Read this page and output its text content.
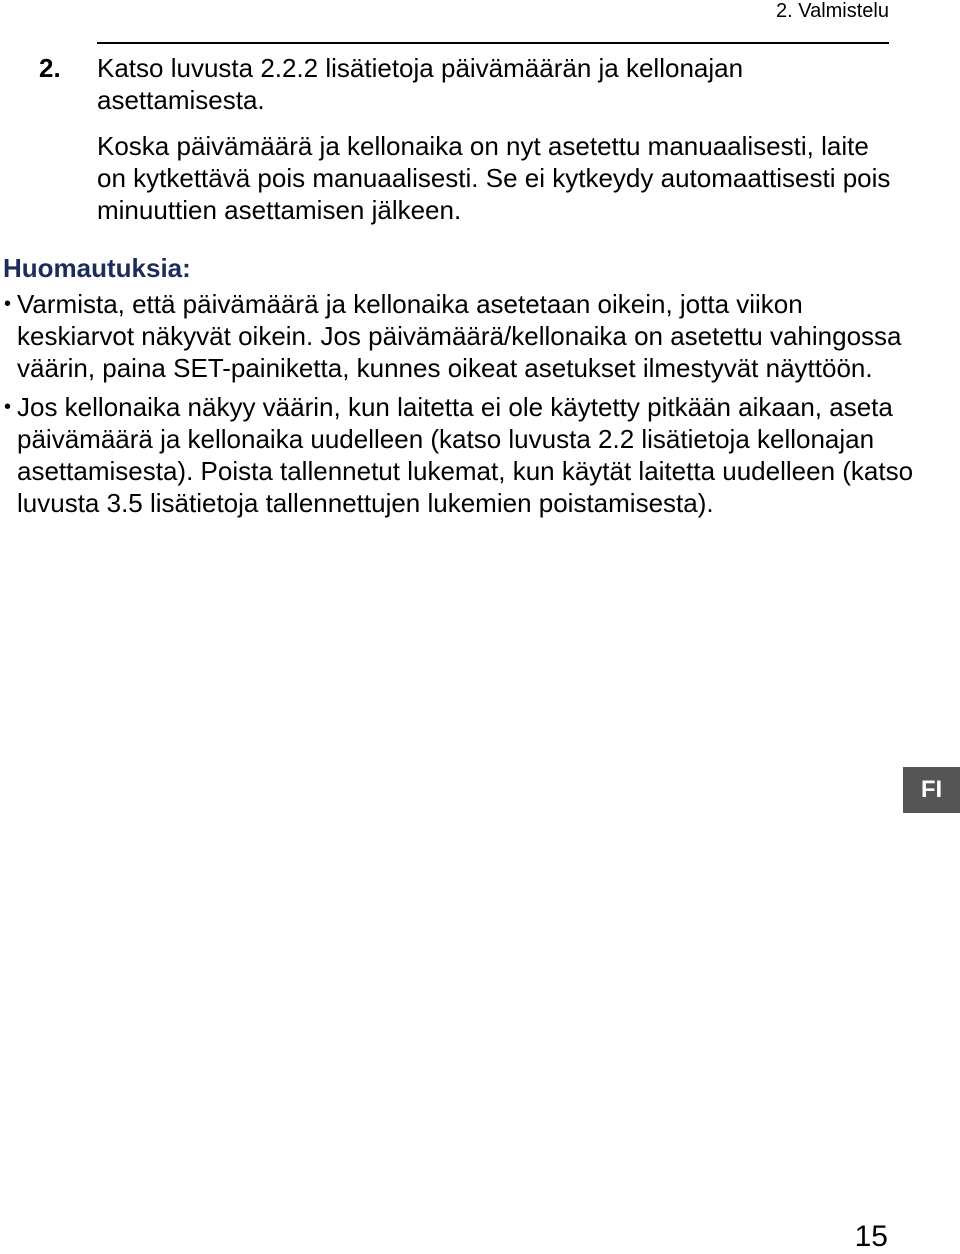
2. Valmistelu
2. Katso luvusta 2.2.2 lisätietoja päivämäärän ja kellonajan asettamisesta.

Koska päivämäärä ja kellonaika on nyt asetettu manuaalisesti, laite on kytkettävä pois manuaalisesti. Se ei kytkeydy automaattisesti pois minuuttien asettamisen jälkeen.

Huomautuksia:
• Varmista, että päivämäärä ja kellonaika asetetaan oikein, jotta viikon keskiarvot näkyvät oikein. Jos päivämäärä/kellonaika on asetettu vahingossa väärin, paina SET-painiketta, kunnes oikeat asetukset ilmestyvät näyttöön.
• Jos kellonaika näkyy väärin, kun laitetta ei ole käytetty pitkään aikaan, aseta päivämäärä ja kellonaika uudelleen (katso luvusta 2.2 lisätietoja kellonajan asettamisesta). Poista tallennetut lukemat, kun käytät laitetta uudelleen (katso luvusta 3.5 lisätietoja tallennettujen lukemien poistamisesta).
FI
15
